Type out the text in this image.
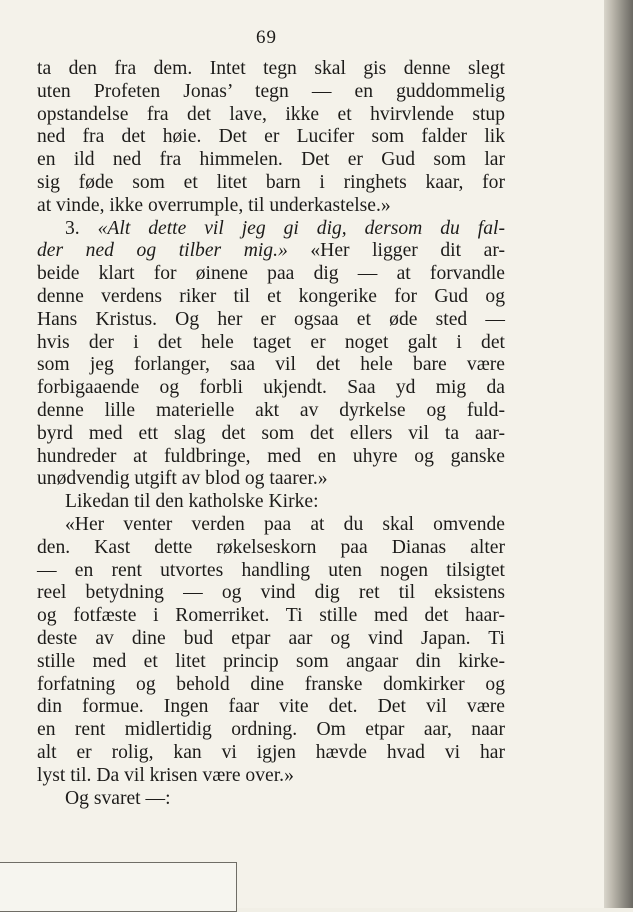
69

ta den fra dem. Intet tegn skal gis denne slegt

uten Profeten Jonas’ tegn — en guddommelig

opstandelse fra det lave, ikke et hvirvlende stup

ned fra det høie. Det er Lucifer som falder lik

en ild ned fra himmelen. Det er Gud som lar

sig føde som et litet barn i ringhets kaar, for

at vinde, ikke overrumple, til underkastelse.»

3. «Alt dette vil jeg gi dig, dersom du fal-

der ned og tilber mig.» «Her ligger dit ar-

beide klart for øinene paa dig — at forvandle

denne verdens riker til et kongerike for Gud og

Hans Kristus. Og her er ogsaa et øde sted —

hvis der i det hele taget er noget galt i det

som jeg forlanger, saa vil det hele bare være

forbigaaende og forbli ukjendt. Saa yd mig da

denne lille materielle akt av dyrkelse og fuld-

byrd med ett slag det som det ellers vil ta aar-

hundreder at fuldbringe, med en uhyre og ganske

unødvendig utgift av blod og taarer.»

Likedan til den katholske Kirke:

«Her venter verden paa at du skal omvende

den. Kast dette røkelseskorn paa Dianas alter

— en rent utvortes handling uten nogen tilsigtet

reel betydning — og vind dig ret til eksistens

og fotfæste i Romerriket. Ti stille med det haar-

deste av dine bud etpar aar og vind Japan. Ti

stille med et litet princip som angaar din kirke-

forfatning og behold dine franske domkirker og

din formue. Ingen faar vite det. Det vil være

en rent midlertidig ordning. Om etpar aar, naar

alt er rolig, kan vi igjen hævde hvad vi har

lyst til. Da vil krisen være over.»

Og svaret —:
